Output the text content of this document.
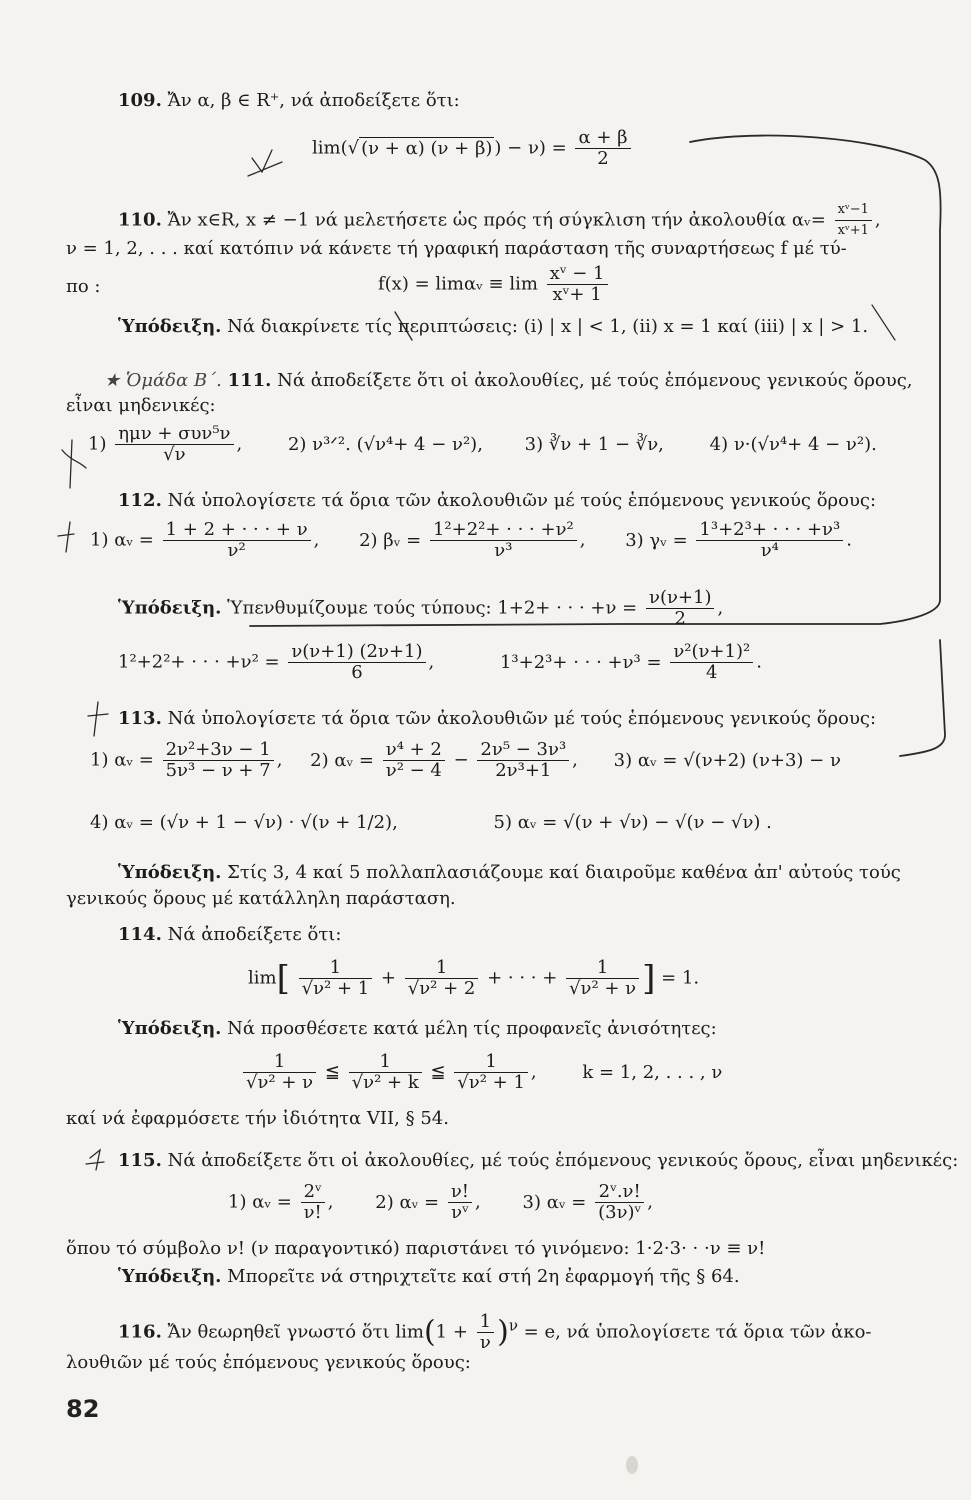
109. Ἄν α, β ∈ R⁺, νά ἀποδείξετε ὅτι:
lim(√ (ν + α) (ν + β) ) − $\nu) = \frac{\alpha + \beta}{2}$
110. Ἄν x∈R, x ≠ −1 νά μελετήσετε ὡς πρός τή σύγκλιση τήν ἀκολουθία αᵥ= $\frac{\text{xᵛ−1}}{\text{xᵛ+1}}$ ,
ν = 1, 2, . . . καί κατόπιν νά κάνετε τή γραφική παράσταση τῆς συναρτήσεως f μέ τύ-
πο :	f(x) = limαᵥ ≡ $\lim \frac{\text{xᵛ − 1}}{\text{xᵛ+ 1}}$
Ὑπόδειξη. Νά διακρίνετε τίς περιπτώσεις: (i) | x | < 1, (ii) x = 1 καί (iii) | x | > 1.
★ Ὁμάδα Β΄. 111. Νά ἀποδείξετε ὅτι οἱ ἀκολουθίες, μέ τούς ἑπόμενους γενικούς ὅρους,
εἶναι μηδενικές:
$1) \frac{\text{ημν + συν⁵ν}}{√\nu}$ , 2) ν³ᐟ². (√ν⁴+ 4 − ν²), 3) ∛ν + 1 − ∛ν,	4) ν·(√ν⁴+ 4 − ν²).
112. Νά ὑπολογίσετε τά ὅρια τῶν ἀκολουθιῶν μέ τούς ἑπόμενους γενικούς ὅρους:
1) αᵥ = $\frac{1 + 2 + \cdot \cdot \cdot + \nu}{\text{ν²}}$ , 2) βᵥ = $\frac{\text{1²+2²+ · · · +ν²}}{\text{ν³}}$ , 3) γᵥ = $\frac{\text{1³+2³+ · · · +ν³}}{\text{ν⁴}}$ .
Ὑπόδειξη. Ὑπενθυμίζουμε τούς τύπους: 1+2+ · · · $+\nu = \frac{\nu(\nu+1)}{2}$ ,
1²+2²+ · · · $+\nu^2 = \frac{\nu(\nu+1) (2\nu+1)}{6}$ ,	1³+2³+ · · · $+\nu^3 = \frac{\text{ν²(ν+1)²}}{4}$ .
113. Νά ὑπολογίσετε τά ὅρια τῶν ἀκολουθιῶν μέ τούς ἑπόμενους γενικούς ὅρους:
1) αᵥ = $\frac{\text{2ν²+3ν − 1}}{\text{5ν³ − ν + 7}}$ , 2) αᵥ = $\frac{\text{ν⁴ + 2}}{\text{ν² − 4}} - \frac{\text{2ν⁵ − 3ν³}}{\text{2ν³+1}}$ , 3) αᵥ = √(ν+2) (ν+3) − ν
4) αᵥ = (√ν + 1 − √ν) · √(ν + 1/2),	5) αᵥ = √(ν + √ν) − √(ν − √ν) .
Ὑπόδειξη. Στίς 3, 4 καί 5 πολλαπλασιάζουμε καί διαιροῦμε καθένα ἀπ' αὐτούς τούς
γενικούς ὅρους μέ κατάλληλη παράσταση.
114. Νά ἀποδείξετε ὅτι:
$\lim[ \frac{1}{\text{√ν² + 1}} + \frac{1}{\text{√ν² + 2}}$ + · · · + $\frac{1}{\text{√ν² + ν}}$ ] = 1.
Ὑπόδειξη. Νά προσθέσετε κατά μέλη τίς προφανεῖς ἀνισότητες:
$\frac{1}{\text{√ν² + ν}}$ ≦ $\frac{1}{\text{√ν² + k}}$ ≦ $\frac{1}{\text{√ν² + 1}}$ , k = 1, 2, . . . , ν
καί νά ἐφαρμόσετε τήν ἰδιότητα VII, § 54.
115. Νά ἀποδείξετε ὅτι οἱ ἀκολουθίες, μέ τούς ἑπόμενους γενικούς ὅρους, εἶναι μηδενικές:
1) αᵥ = $\frac{\text{2ᵛ}}{\nu!}$ , 2) αᵥ = $\frac{\nu!}{\text{νᵛ}}$ , 3) αᵥ = $\frac{\text{2ᵛ.ν!}}{\text{(3ν)ᵛ}}$ ,
ὅπου τό σύμβολο ν! (ν παραγοντικό) παριστάνει τό γινόμενο: 1·2·3· · ·ν ≡ ν!
Ὑπόδειξη. Μπορεῖτε νά στηριχτεῖτε καί στή 2η ἐφαρμογή τῆς § 64.
116. Ἄν θεωρηθεῖ γνωστό ὅτι $\lim(1 + \frac{1}{\nu} )^\nu = e$, νά ὑπολογίσετε τά ὅρια τῶν ἀκο-
λουθιῶν μέ τούς ἑπόμενους γενικούς ὅρους:
82
